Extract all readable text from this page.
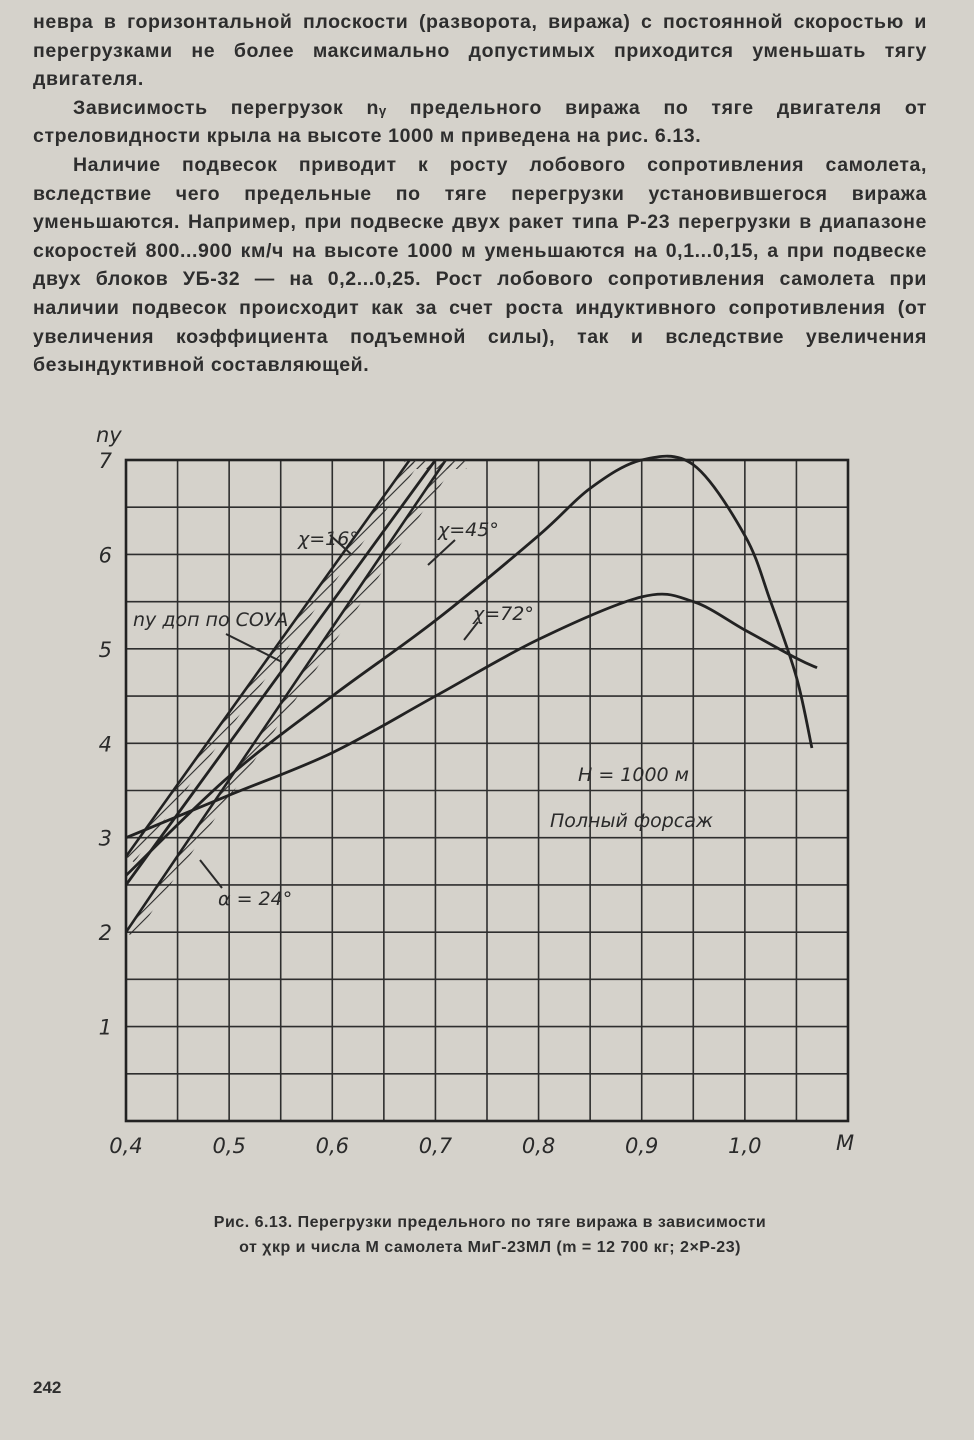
невра в горизонтальной плоскости (разворота, виража) с постоянной скоростью и перегрузками не более максимально допустимых приходится уменьшать тягу двигателя.

Зависимость перегрузок nᵧ предельного виража по тяге двигателя от стреловидности крыла на высоте 1000 м приведена на рис. 6.13.

Наличие подвесок приводит к росту лобового сопротивления самолета, вследствие чего предельные по тяге перегрузки установившегося виража уменьшаются. Например, при подвеске двух ракет типа Р-23 перегрузки в диапазоне скоростей 800...900 км/ч на высоте 1000 м уменьшаются на 0,1...0,15, а при подвеске двух блоков УБ-32 — на 0,2...0,25. Рост лобового сопротивления самолета при наличии подвесок происходит как за счет роста индуктивного сопротивления (от увеличения коэффициента подъемной силы), так и вследствие увеличения безындуктивной составляющей.

0,4	0,5	0,6	0,7	0,8	0,9	1,0
1
2
3
4
5
6
7
ny
M
χ=16°	χ=45°
χ=72°
nу доп по СОУА
α = 24°
H = 1000 м
Полный форсаж
Рис. 6.13. Перегрузки предельного по тяге виража в зависимости
от χкр и числа М самолета МиГ-23МЛ (m = 12 700 кг; 2×Р-23)
242
